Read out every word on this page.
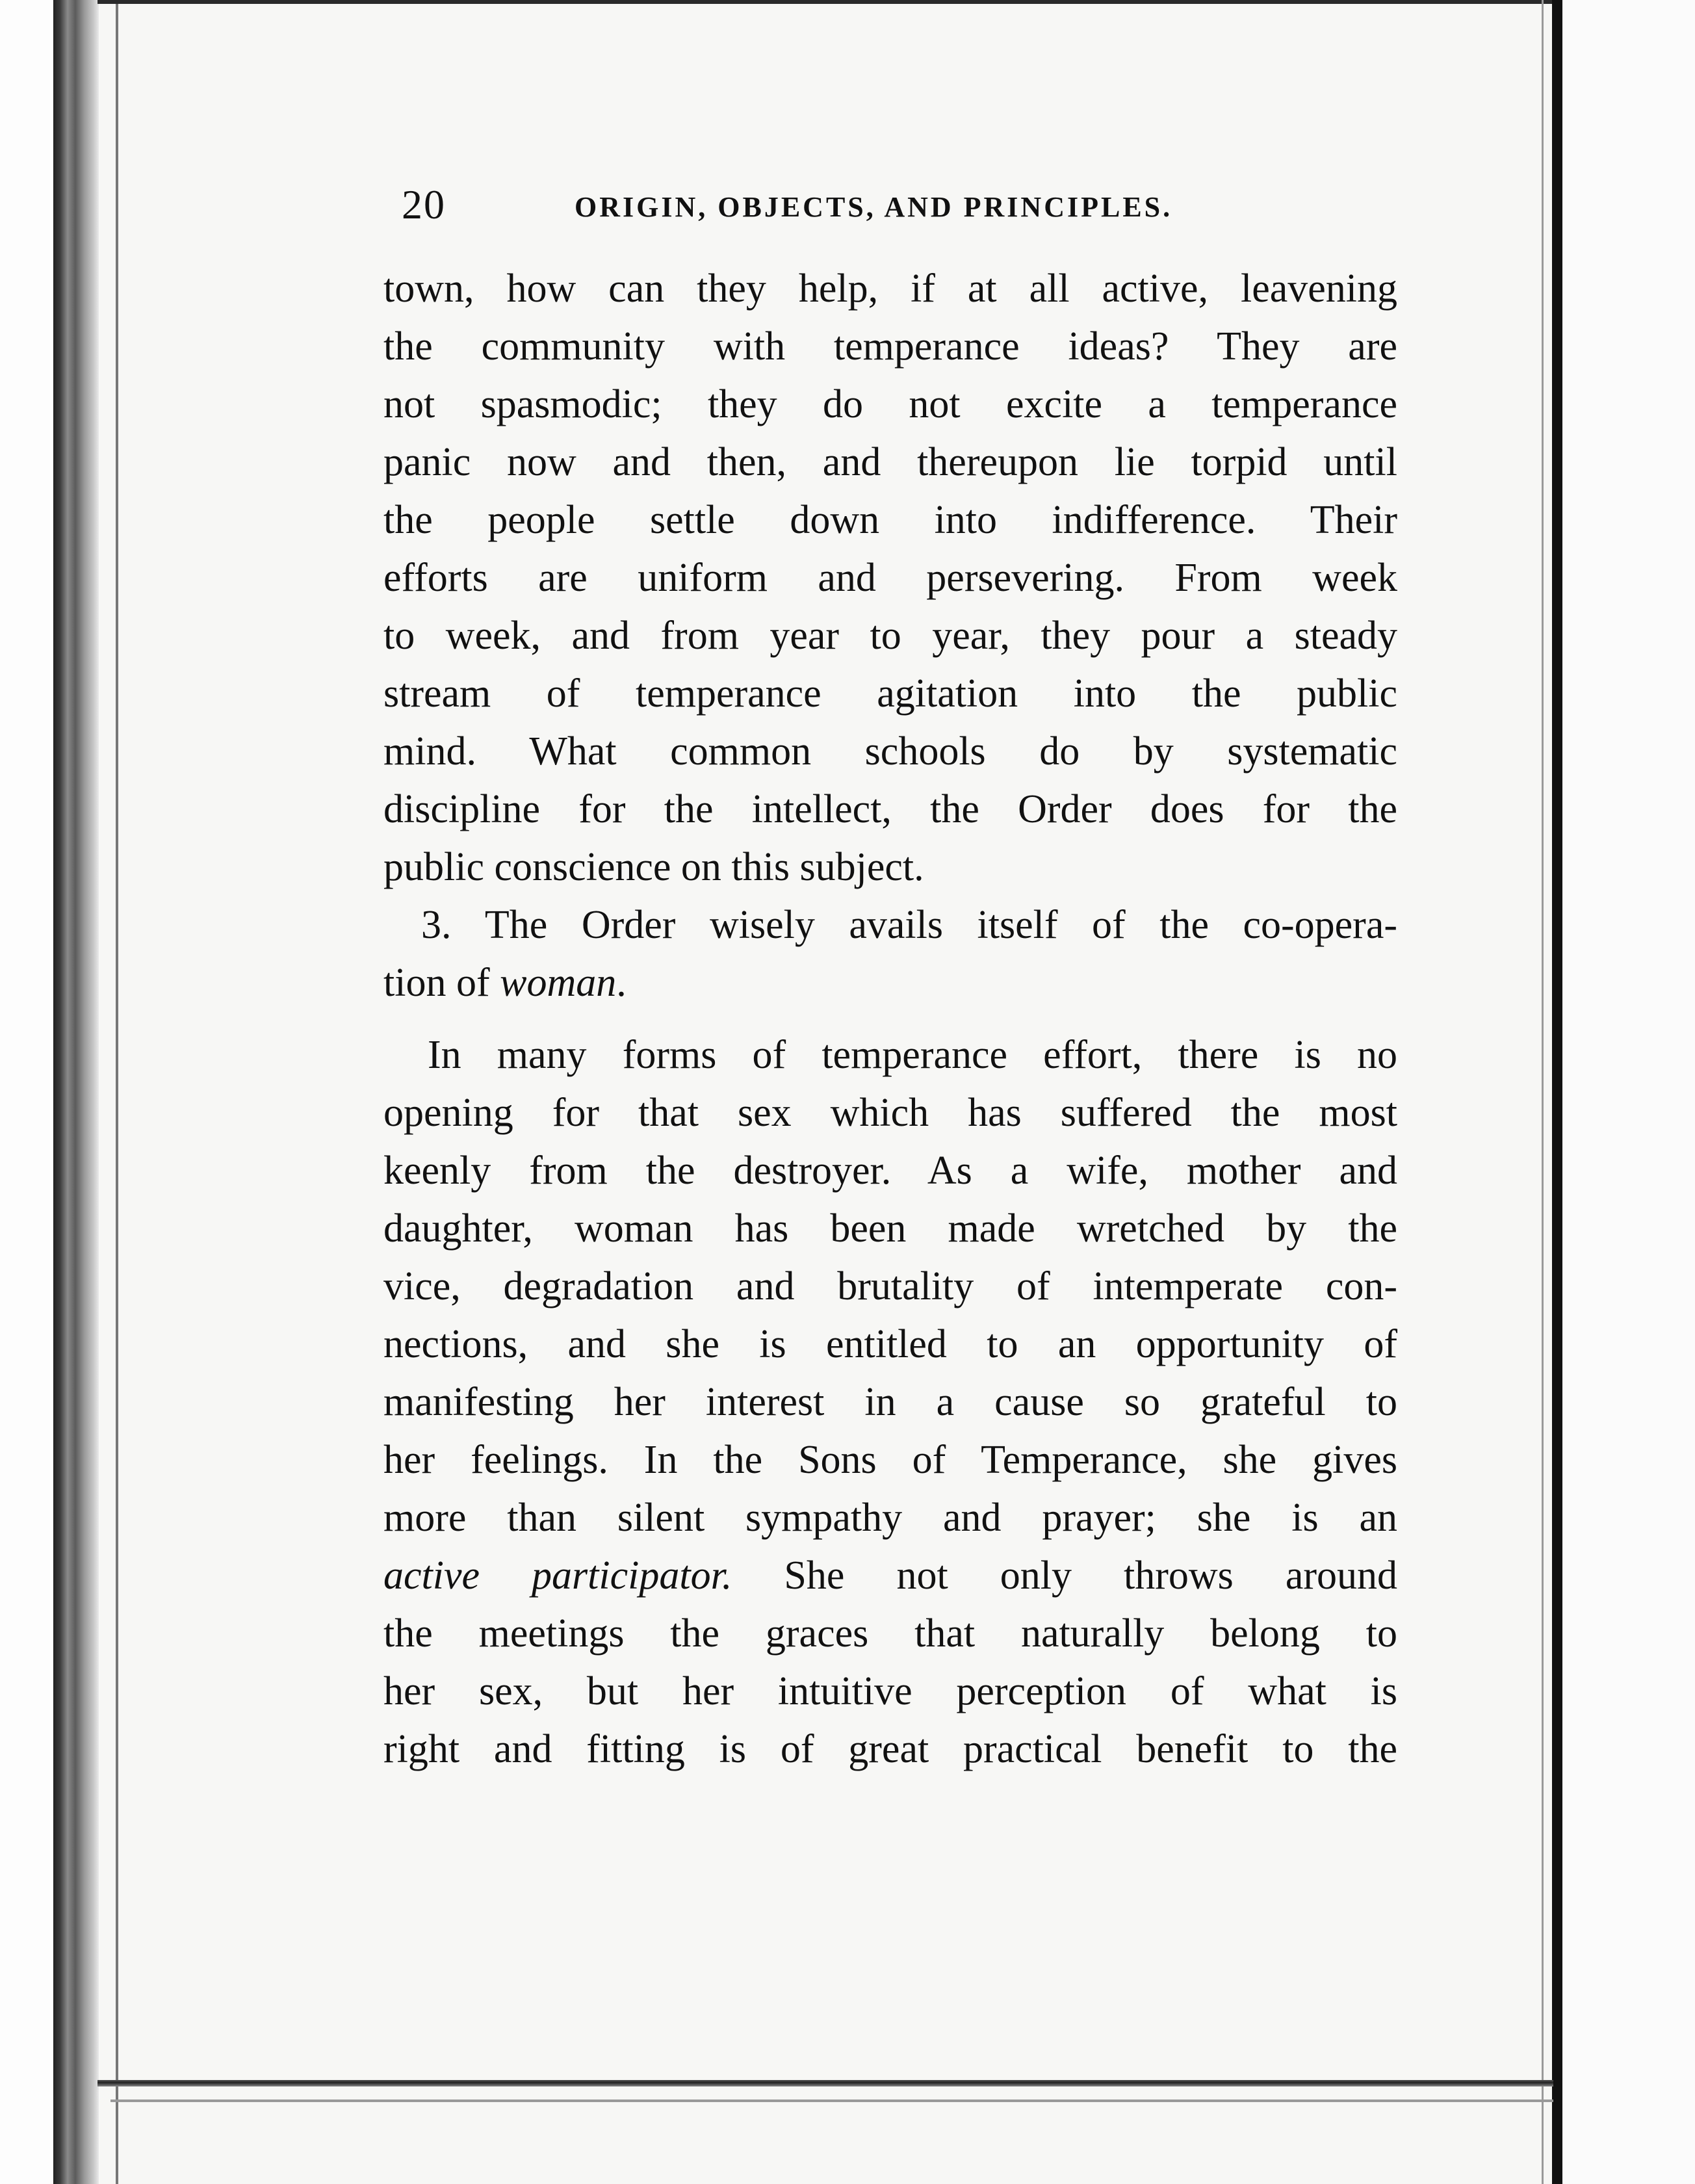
20	ORIGIN, OBJECTS, AND PRINCIPLES.
town, how can they help, if at all active, leavening
the community with temperance ideas? They are
not spasmodic; they do not excite a temperance
panic now and then, and thereupon lie torpid until
the people settle down into indifference. Their
efforts are uniform and persevering. From week
to week, and from year to year, they pour a steady
stream of temperance agitation into the public
mind. What common schools do by systematic
discipline for the intellect, the Order does for the
public conscience on this subject.
3. The Order wisely avails itself of the co-opera-
tion of woman.
In many forms of temperance effort, there is no
opening for that sex which has suffered the most
keenly from the destroyer. As a wife, mother and
daughter, woman has been made wretched by the
vice, degradation and brutality of intemperate con-
nections, and she is entitled to an opportunity of
manifesting her interest in a cause so grateful to
her feelings. In the Sons of Temperance, she gives
more than silent sympathy and prayer; she is an
active participator. She not only throws around
the meetings the graces that naturally belong to
her sex, but her intuitive perception of what is
right and fitting is of great practical benefit to the
